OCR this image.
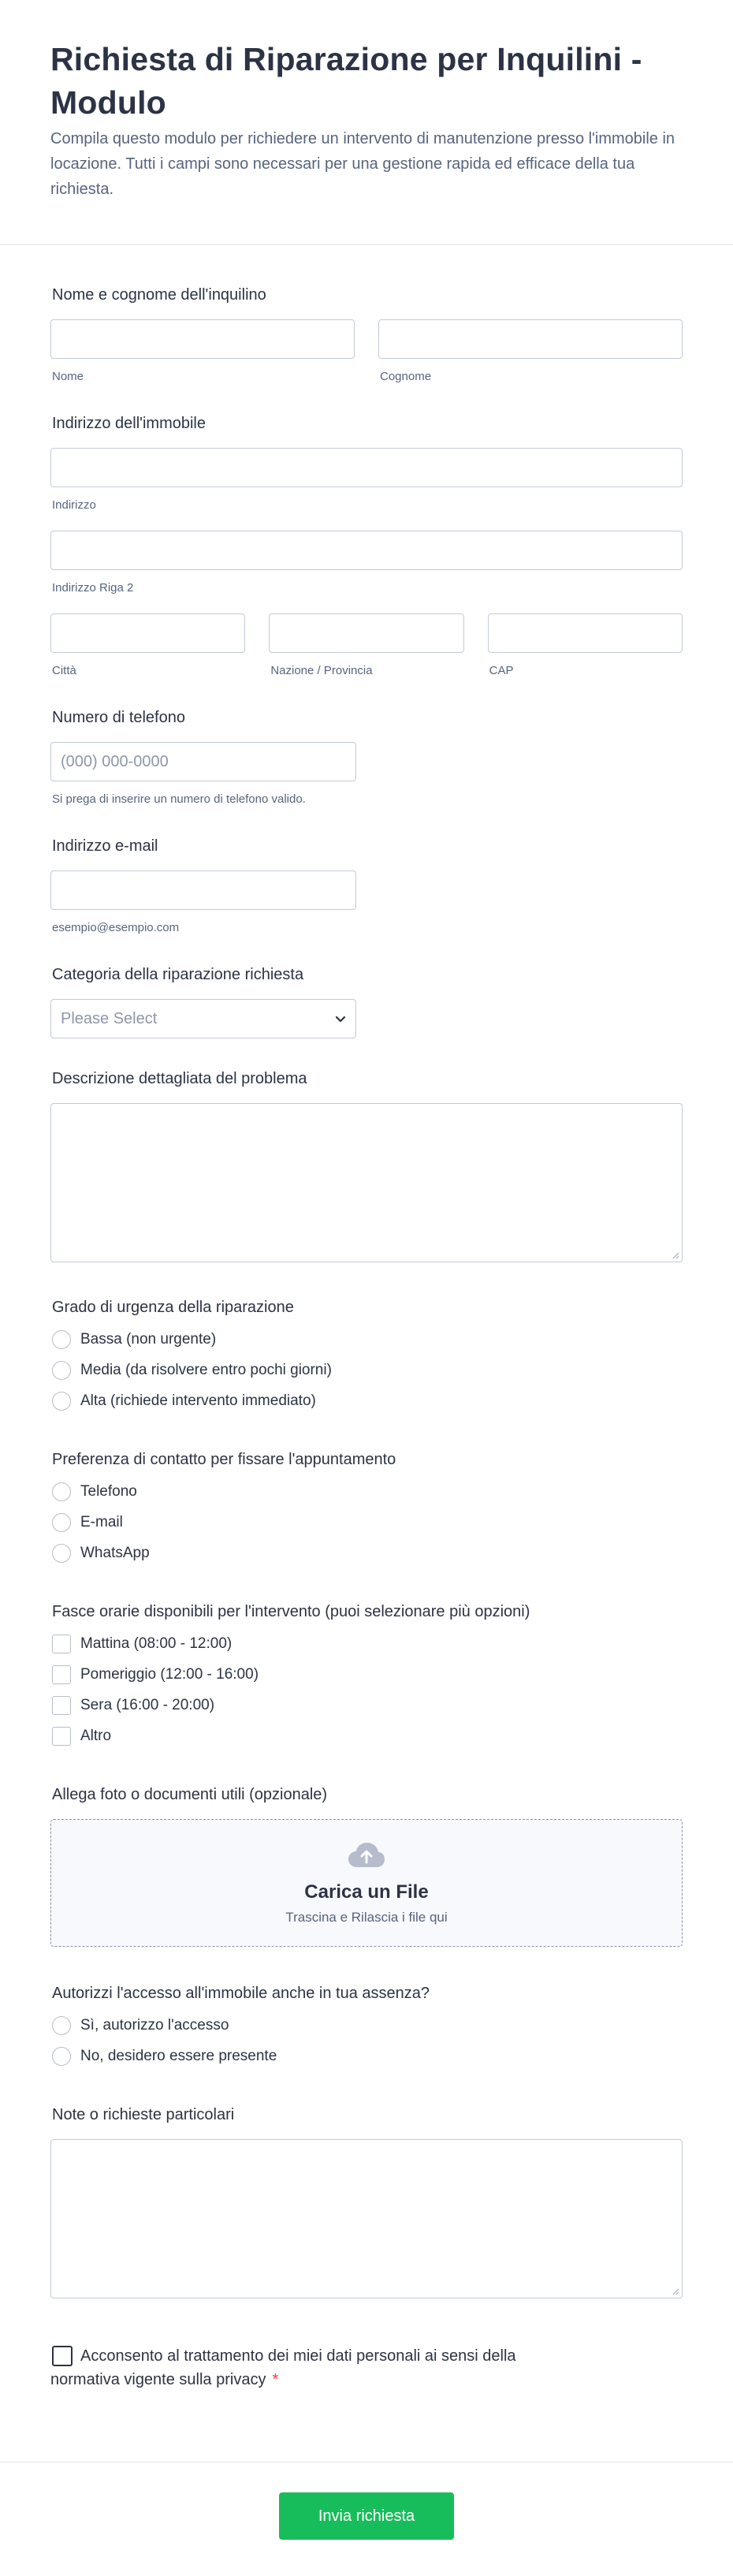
Richiesta di Riparazione per Inquilini - Modulo

Compila questo modulo per richiedere un intervento di manutenzione presso l'immobile in locazione. Tutti i campi sono necessari per una gestione rapida ed efficace della tua richiesta.

Nome e cognome dell'inquilino
Nome	Cognome
Indirizzo dell'immobile
Indirizzo
Indirizzo Riga 2
Città	Nazione / Provincia	CAP
Numero di telefono
(000) 000-0000
Si prega di inserire un numero di telefono valido.
Indirizzo e-mail
esempio@esempio.com
Categoria della riparazione richiesta
Please Select
Descrizione dettagliata del problema
Grado di urgenza della riparazione
Bassa (non urgente)
Media (da risolvere entro pochi giorni)
Alta (richiede intervento immediato)
Preferenza di contatto per fissare l'appuntamento
Telefono
E-mail
WhatsApp
Fasce orarie disponibili per l'intervento (puoi selezionare più opzioni)
Mattina (08:00 - 12:00)
Pomeriggio (12:00 - 16:00)
Sera (16:00 - 20:00)
Altro
Allega foto o documenti utili (opzionale)
Carica un File
Trascina e Rilascia i file qui
Autorizzi l'accesso all'immobile anche in tua assenza?
Sì, autorizzo l'accesso
No, desidero essere presente
Note o richieste particolari
Acconsento al trattamento dei miei dati personali ai sensi della normativa vigente sulla privacy *
Invia richiesta
